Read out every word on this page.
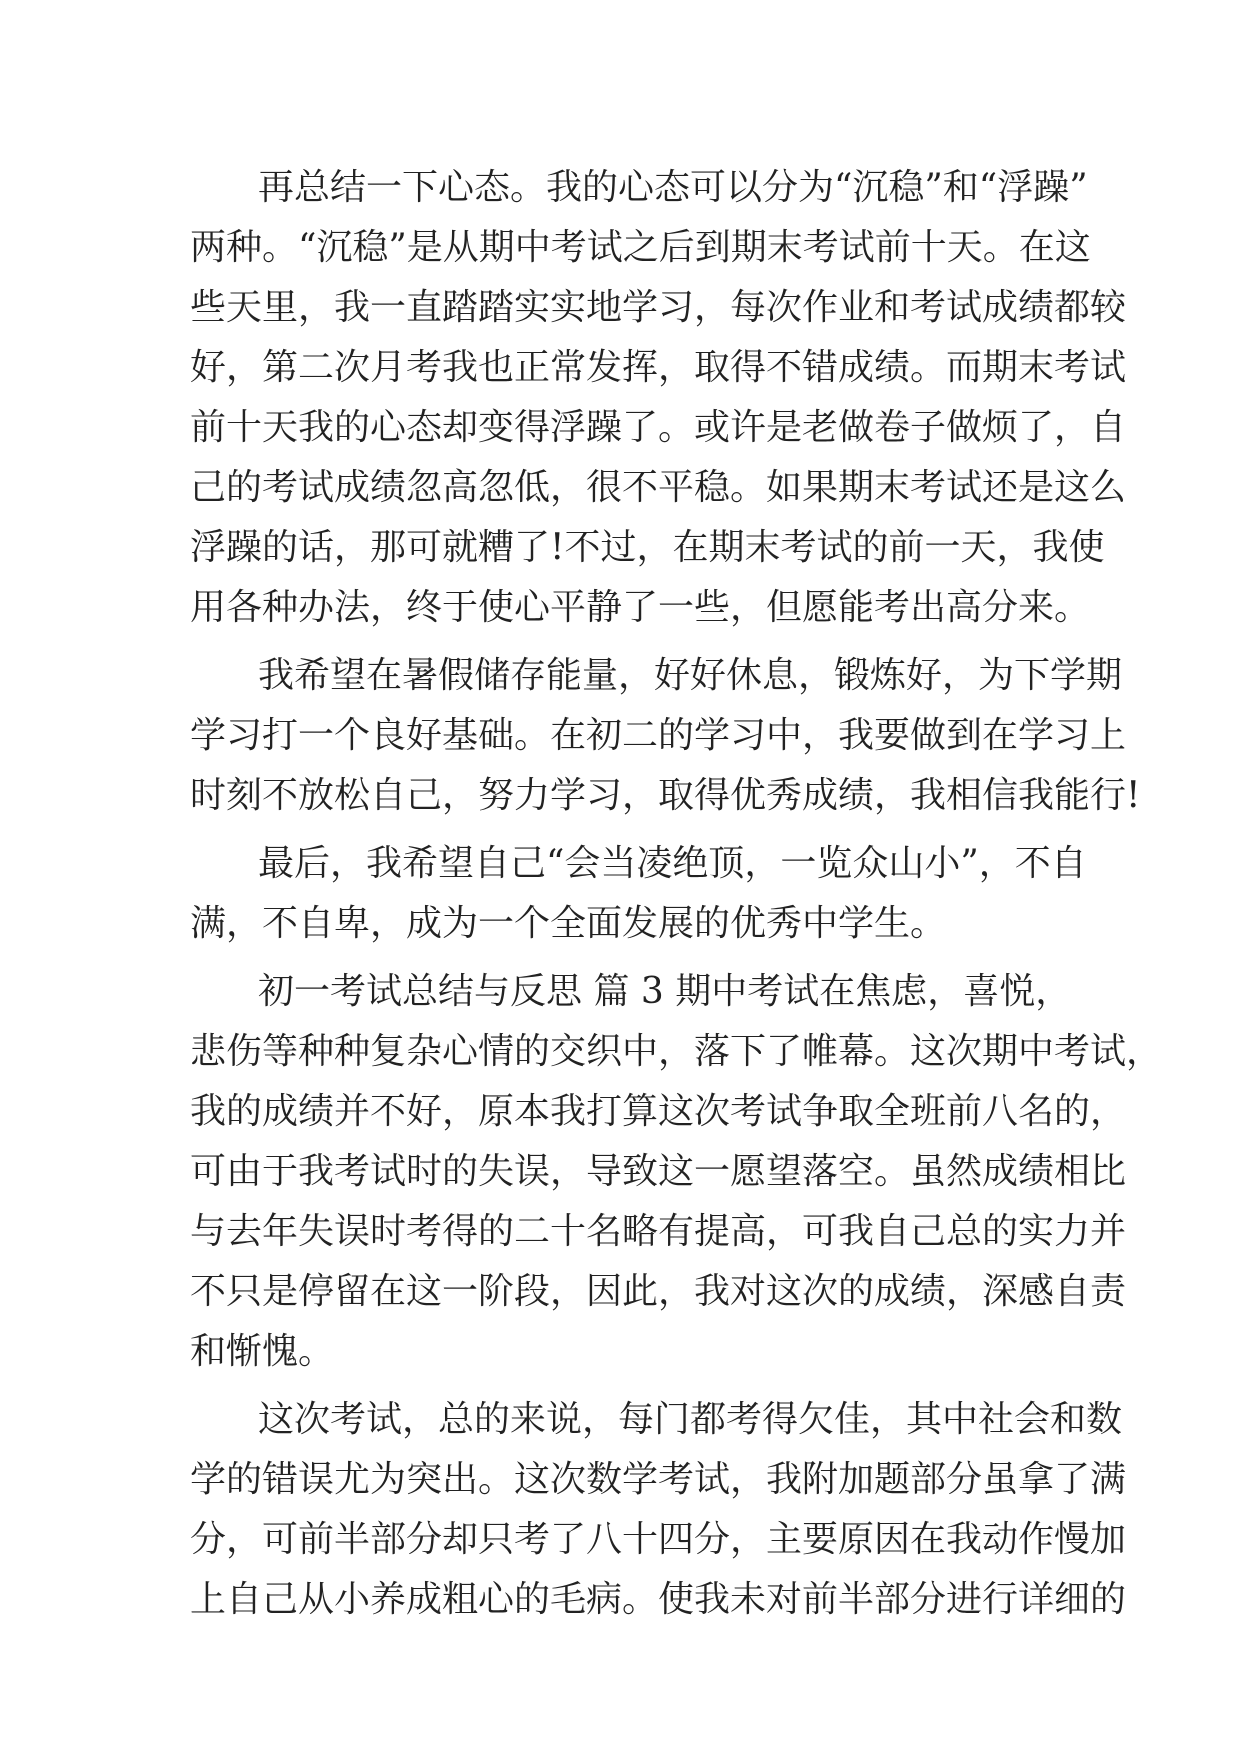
再总结一下心态。我的心态可以分为“沉稳”和“浮躁”
两种。“沉稳”是从期中考试之后到期末考试前十天。在这
些天里，我一直踏踏实实地学习，每次作业和考试成绩都较
好，第二次月考我也正常发挥，取得不错成绩。而期末考试
前十天我的心态却变得浮躁了。或许是老做卷子做烦了，自
己的考试成绩忽高忽低，很不平稳。如果期末考试还是这么
浮躁的话，那可就糟了!不过，在期末考试的前一天，我使
用各种办法，终于使心平静了一些，但愿能考出高分来。
我希望在暑假储存能量，好好休息，锻炼好，为下学期
学习打一个良好基础。在初二的学习中，我要做到在学习上
时刻不放松自己，努力学习，取得优秀成绩，我相信我能行!
最后，我希望自己“会当凌绝顶，一览众山小”，不自
满，不自卑，成为一个全面发展的优秀中学生。
初一考试总结与反思 篇 3 期中考试在焦虑，喜悦，
悲伤等种种复杂心情的交织中，落下了帷幕。这次期中考试，
我的成绩并不好，原本我打算这次考试争取全班前八名的，
可由于我考试时的失误，导致这一愿望落空。虽然成绩相比
与去年失误时考得的二十名略有提高，可我自己总的实力并
不只是停留在这一阶段，因此，我对这次的成绩，深感自责
和惭愧。
这次考试，总的来说，每门都考得欠佳，其中社会和数
学的错误尤为突出。这次数学考试，我附加题部分虽拿了满
分，可前半部分却只考了八十四分，主要原因在我动作慢加
上自己从小养成粗心的毛病。使我未对前半部分进行详细的
